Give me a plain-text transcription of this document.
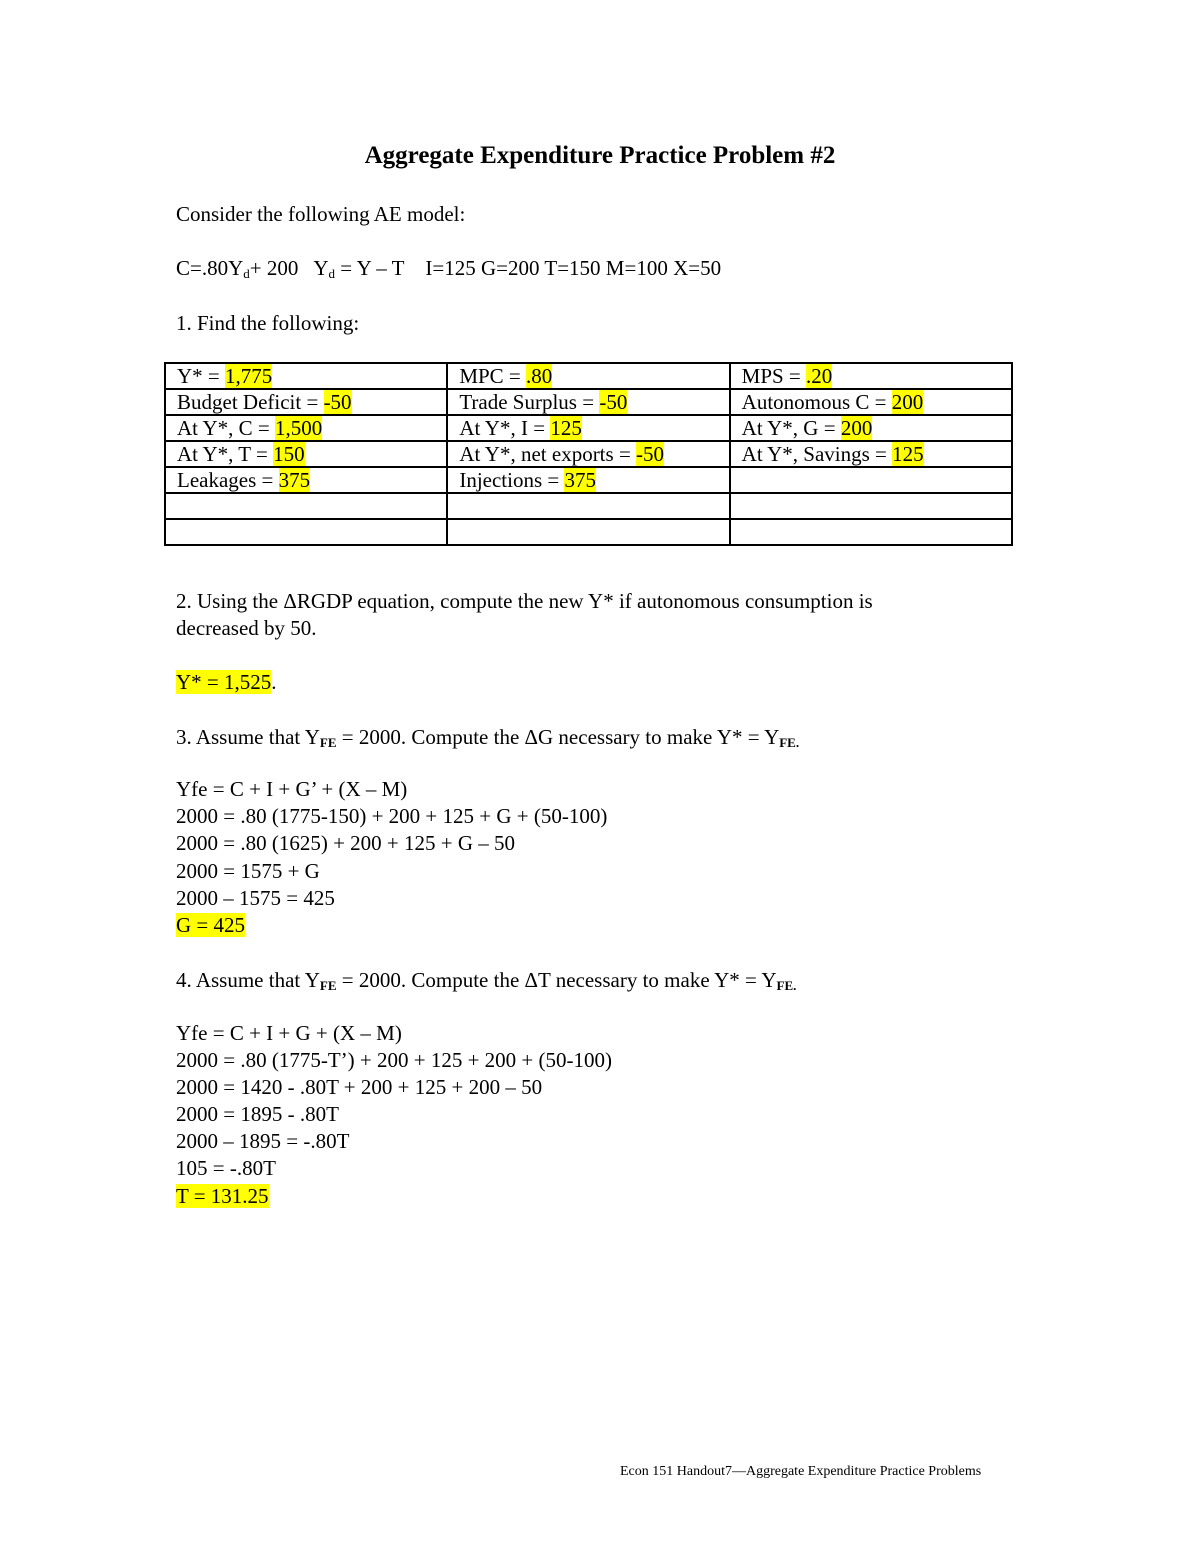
Aggregate Expenditure Practice Problem #2
Consider the following AE model:
$C=.80Y_d+ 200$ $Y_d = Y - T$ I=125 G=200 T=150 M=100 X=50
1. Find the following:
Y* = 1,775	MPC = .80	MPS = .20
Budget Deficit = -50	Trade Surplus = -50	Autonomous C = 200
At Y*, C = 1,500	At Y*, I = 125	At Y*, G = 200
At Y*, T = 150	At Y*, net exports = -50	At Y*, Savings = 125
Leakages = 375	Injections = 375	

2. Using the ΔRGDP equation, compute the new Y* if autonomous consumption is
decreased by 50.
Y* = 1,525.
3. Assume that $Y_{FE} = 2000$. Compute the ΔG necessary to make $Y* = Y_{FE.}$
Yfe = C + I + G’ + (X – M)
2000 = .80 (1775-150) + 200 + 125 + G + (50-100)
2000 = .80 (1625) + 200 + 125 + G – 50
2000 = 1575 + G
2000 – 1575 = 425
G = 425
4. Assume that $Y_{FE} = 2000$. Compute the ΔT necessary to make $Y* = Y_{FE.}$
Yfe = C + I + G + (X – M)
2000 = .80 (1775-T’) + 200 + 125 + 200 + (50-100)
2000 = 1420 - .80T + 200 + 125 + 200 – 50
2000 = 1895 - .80T
2000 – 1895 = -.80T
105 = -.80T
T = 131.25
Econ 151 Handout7—Aggregate Expenditure Practice Problems
